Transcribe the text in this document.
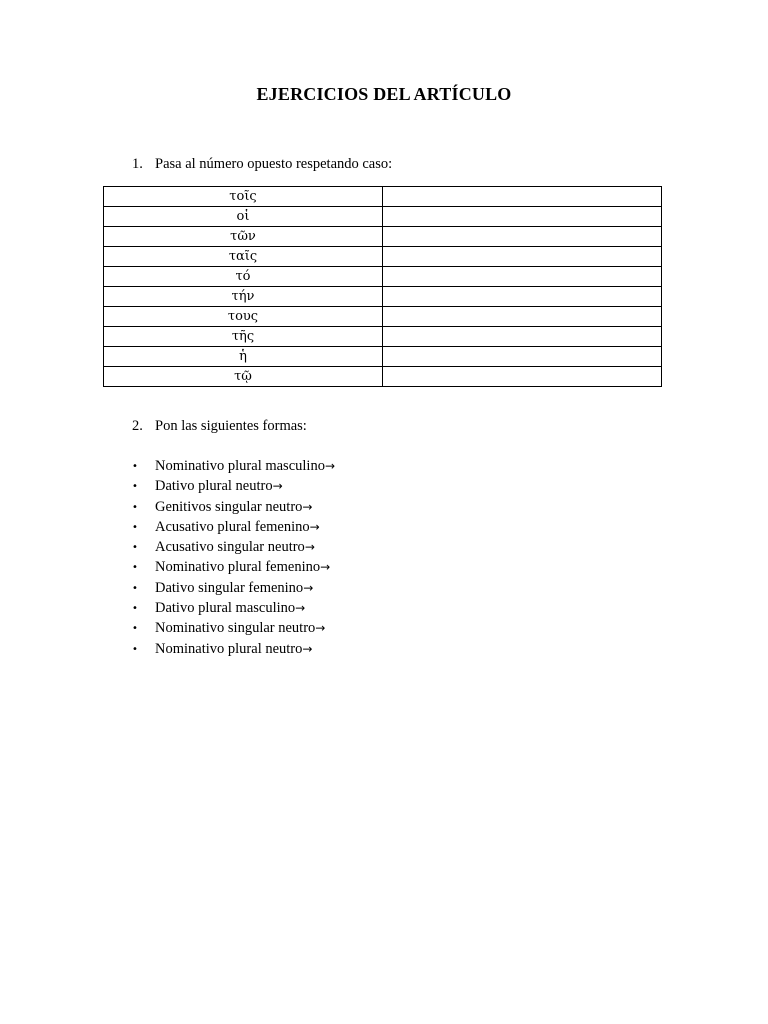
EJERCICIOS DEL ARTÍCULO
1. Pasa al número opuesto respetando caso:
τοῖς	
οἱ	
τῶν	
ταῖς	
τό	
τήν	
τους	
τῆς	
ἡ	
τῷ	
2. Pon las siguientes formas:
• Nominativo plural masculino→
• Dativo plural neutro→
• Genitivos singular neutro→
• Acusativo plural femenino→
• Acusativo singular neutro→
• Nominativo plural femenino→
• Dativo singular femenino→
• Dativo plural masculino→
• Nominativo singular neutro→
• Nominativo plural neutro→
